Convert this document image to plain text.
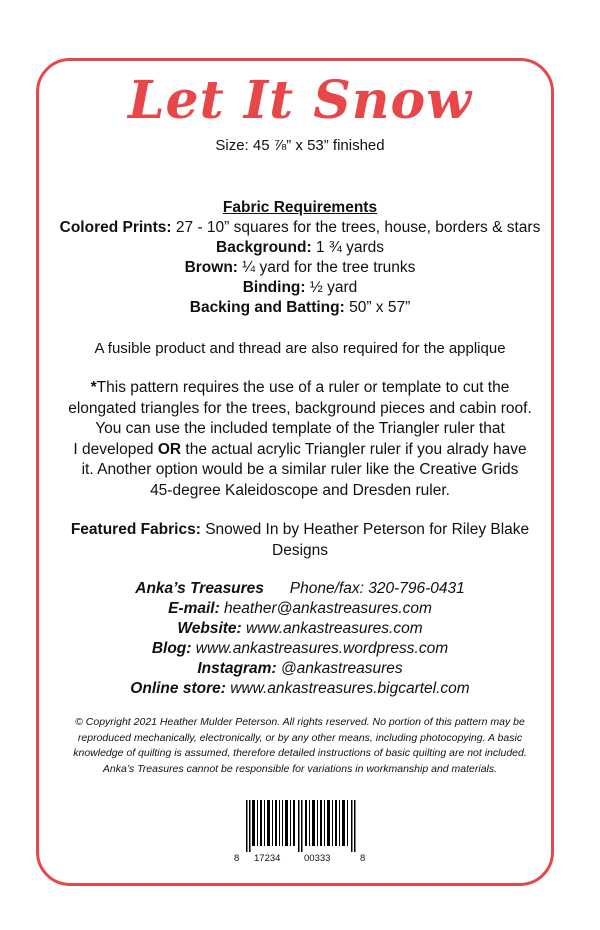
Let It Snow
Size: 45 ⅞” x 53” finished
Fabric Requirements
Colored Prints: 27 - 10” squares for the trees, house, borders & stars
Background: 1 ¾ yards
Brown: ¼ yard for the tree trunks
Binding: ½ yard
Backing and Batting: 50” x 57”
A fusible product and thread are also required for the applique
*This pattern requires the use of a ruler or template to cut the
elongated triangles for the trees, background pieces and cabin roof.
You can use the included template of the Triangler ruler that
I developed OR the actual acrylic Triangler ruler if you alrady have
it. Another option would be a similar ruler like the Creative Grids
45-degree Kaleidoscope and Dresden ruler.
Featured Fabrics: Snowed In by Heather Peterson for Riley Blake
Designs
Anka’s Treasures Phone/fax: 320-796-0431
E-mail: heather@ankastreasures.com
Website: www.ankastreasures.com
Blog: www.ankastreasures.wordpress.com
Instagram: @ankastreasures
Online store: www.ankastreasures.bigcartel.com
© Copyright 2021 Heather Mulder Peterson. All rights reserved. No portion of this pattern may be
reproduced mechanically, electronically, or by any other means, including photocopying. A basic
knowledge of quilting is assumed, therefore detailed instructions of basic quilting are not included.
Anka’s Treasures cannot be responsible for variations in workmanship and materials.
8 17234 00333	8
